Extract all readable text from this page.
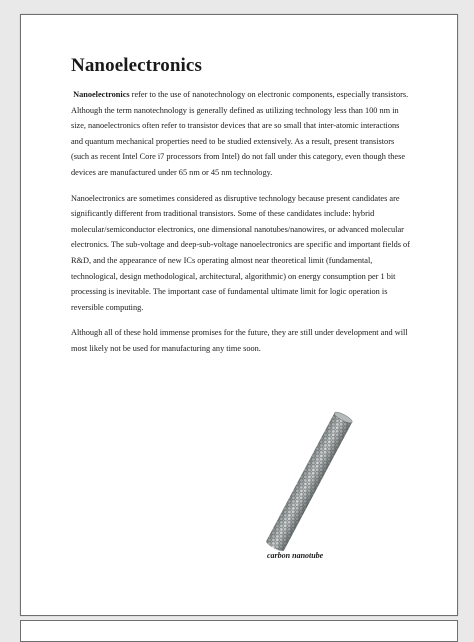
Nanoelectronics

Nanoelectronics refer to the use of nanotechnology on electronic components, especially transistors. Although the term nanotechnology is generally defined as utilizing technology less than 100 nm in size, nanoelectronics often refer to transistor devices that are so small that inter-atomic interactions and quantum mechanical properties need to be studied extensively. As a result, present transistors (such as recent Intel Core i7 processors from Intel) do not fall under this category, even though these devices are manufactured under 65 nm or 45 nm technology.

Nanoelectronics are sometimes considered as disruptive technology because present candidates are significantly different from traditional transistors. Some of these candidates include: hybrid molecular/semiconductor electronics, one dimensional nanotubes/nanowires, or advanced molecular electronics. The sub-voltage and deep-sub-voltage nanoelectronics are specific and important fields of R&D, and the appearance of new ICs operating almost near theoretical limit (fundamental, technological, design methodological, architectural, algorithmic) on energy consumption per 1 bit processing is inevitable. The important case of fundamental ultimate limit for logic operation is reversible computing.

Although all of these hold immense promises for the future, they are still under development and will most likely not be used for manufacturing any time soon.

carbon nanotube
